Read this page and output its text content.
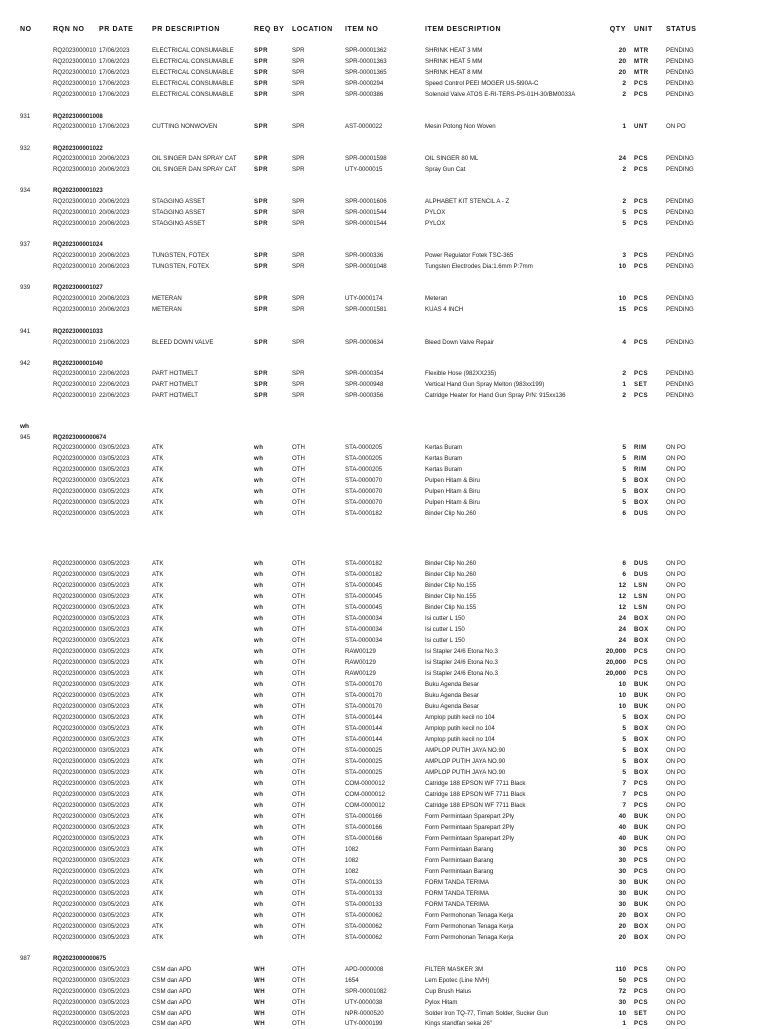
NO	RQN NO	PR DATE	PR DESCRIPTION	REQ BY	LOCATION	ITEM NO	ITEM DESCRIPTION	QTY UNIT	STATUS
wh
RQ2023000010 17/06/2023	ELECTRICAL CONSUMABLE	SPR	SPR	SPR-00001362	SHRINK HEAT 3 MM	20 MTR	PENDING
RQ2023000010 17/06/2023	ELECTRICAL CONSUMABLE	SPR	SPR	SPR-00001363	SHRINK HEAT 5 MM	20 MTR	PENDING
RQ2023000010 17/06/2023	ELECTRICAL CONSUMABLE	SPR	SPR	SPR-00001365	SHRINK HEAT 8 MM	20 MTR	PENDING
RQ2023000010 17/06/2023	ELECTRICAL CONSUMABLE	SPR	SPR	SPR-0000294	Speed Control PEEI MOGER US-5l90A-C	2 PCS	PENDING
RQ2023000010 17/06/2023	ELECTRICAL CONSUMABLE	SPR	SPR	SPR-0000386	Solenoid Valve ATOS E-RI-TERS-PS-01H-30/BM0033A	2 PCS	PENDING
931	RQ202300001008
RQ2023000010 17/06/2023	CUTTING NONWOVEN	SPR	SPR	AST-0000022	Mesin Potong Non Woven	1 UNT	ON PO
932	RQ202300001022
RQ2023000010 20/06/2023	OIL SINGER DAN SPRAY CAT	SPR	SPR	SPR-00001598	OIL SINGER 80 ML	24 PCS	PENDING
RQ2023000010 20/06/2023	OIL SINGER DAN SPRAY CAT	SPR	SPR	UTY-0000015	Spray Gun Cat	2 PCS	PENDING
934	RQ202300001023
RQ2023000010 20/06/2023	STAGGING ASSET	SPR	SPR	SPR-00001606	ALPHABET KIT STENCIL A - Z	2 PCS	PENDING
RQ2023000010 20/06/2023	STAGGING ASSET	SPR	SPR	SPR-00001544	PYLOX	5 PCS	PENDING
RQ2023000010 20/06/2023	STAGGING ASSET	SPR	SPR	SPR-00001544	PYLOX	5 PCS	PENDING
937	RQ202300001024
RQ2023000010 20/06/2023	TUNGSTEN, FOTEX	SPR	SPR	SPR-0000336	Power Regulator Fotek TSC-365	3 PCS	PENDING
RQ2023000010 20/06/2023	TUNGSTEN, FOTEX	SPR	SPR	SPR-00001048	Tungsten Electrodes Dia:1.6mm P:7mm	10 PCS	PENDING
939	RQ202300001027
RQ2023000010 20/06/2023	METERAN	SPR	SPR	UTY-0000174	Meteran	10 PCS	PENDING
RQ2023000010 20/06/2023	METERAN	SPR	SPR	SPR-00001581	KUAS 4 INCH	15 PCS	PENDING
941	RQ202300001033
RQ2023000010 21/06/2023	BLEED DOWN VALVE	SPR	SPR	SPR-0000634	Bleed Down Valve Repair	4 PCS	PENDING
942	RQ202300001040
RQ2023000010 22/06/2023	PART HOTMELT	SPR	SPR	SPR-0000354	Flexible Hose (982XX235)	2 PCS	PENDING
RQ2023000010 22/06/2023	PART HOTMELT	SPR	SPR	SPR-0000948	Vertical Hand Gun Spray Melton (983xx199)	1 SET	PENDING
RQ2023000010 22/06/2023	PART HOTMELT	SPR	SPR	SPR-0000356	Catridge Heater for Hand Gun Spray P/N: 915xx136	2 PCS	PENDING
945	RQ2023000000674
RQ2023000000 03/05/2023	ATK	wh	OTH	STA-0000205	Kertas Buram	5 RIM	ON PO
RQ2023000000 03/05/2023	ATK	wh	OTH	STA-0000205	Kertas Buram	5 RIM	ON PO
RQ2023000000 03/05/2023	ATK	wh	OTH	STA-0000205	Kertas Buram	5 RIM	ON PO
RQ2023000000 03/05/2023	ATK	wh	OTH	STA-0000070	Pulpen Hitam & Biru	5 BOX	ON PO
RQ2023000000 03/05/2023	ATK	wh	OTH	STA-0000070	Pulpen Hitam & Biru	5 BOX	ON PO
RQ2023000000 03/05/2023	ATK	wh	OTH	STA-0000070	Pulpen Hitam & Biru	5 BOX	ON PO
RQ2023000000 03/05/2023	ATK	wh	OTH	STA-0000182	Binder Clip No.260	6 DUS	ON PO
RQ2023000000 03/05/2023	ATK	wh	OTH	STA-0000182	Binder Clip No.260	6 DUS	ON PO
RQ2023000000 03/05/2023	ATK	wh	OTH	STA-0000182	Binder Clip No.260	6 DUS	ON PO
RQ2023000000 03/05/2023	ATK	wh	OTH	STA-0000045	Binder Clip No.155	12 LSN	ON PO
RQ2023000000 03/05/2023	ATK	wh	OTH	STA-0000045	Binder Clip No.155	12 LSN	ON PO
RQ2023000000 03/05/2023	ATK	wh	OTH	STA-0000045	Binder Clip No.155	12 LSN	ON PO
RQ2023000000 03/05/2023	ATK	wh	OTH	STA-0000034	Isi cutter L 150	24 BOX	ON PO
RQ2023000000 03/05/2023	ATK	wh	OTH	STA-0000034	Isi cutter L 150	24 BOX	ON PO
RQ2023000000 03/05/2023	ATK	wh	OTH	STA-0000034	Isi cutter L 150	24 BOX	ON PO
RQ2023000000 03/05/2023	ATK	wh	OTH	RAW00129	Isi Stapler 24/6 Etona No.3	20,000 PCS	ON PO
RQ2023000000 03/05/2023	ATK	wh	OTH	RAW00129	Isi Stapler 24/6 Etona No.3	20,000 PCS	ON PO
RQ2023000000 03/05/2023	ATK	wh	OTH	RAW00129	Isi Stapler 24/6 Etona No.3	20,000 PCS	ON PO
RQ2023000000 03/05/2023	ATK	wh	OTH	STA-0000170	Buku Agenda Besar	10 BUK	ON PO
RQ2023000000 03/05/2023	ATK	wh	OTH	STA-0000170	Buku Agenda Besar	10 BUK	ON PO
RQ2023000000 03/05/2023	ATK	wh	OTH	STA-0000170	Buku Agenda Besar	10 BUK	ON PO
RQ2023000000 03/05/2023	ATK	wh	OTH	STA-0000144	Amplop putih kecil no 104	5 BOX	ON PO
RQ2023000000 03/05/2023	ATK	wh	OTH	STA-0000144	Amplop putih kecil no 104	5 BOX	ON PO
RQ2023000000 03/05/2023	ATK	wh	OTH	STA-0000144	Amplop putih kecil no 104	5 BOX	ON PO
RQ2023000000 03/05/2023	ATK	wh	OTH	STA-0000025	AMPLOP PUTIH JAYA NO.90	5 BOX	ON PO
RQ2023000000 03/05/2023	ATK	wh	OTH	STA-0000025	AMPLOP PUTIH JAYA NO.90	5 BOX	ON PO
RQ2023000000 03/05/2023	ATK	wh	OTH	STA-0000025	AMPLOP PUTIH JAYA NO.90	5 BOX	ON PO
RQ2023000000 03/05/2023	ATK	wh	OTH	COM-0000012	Catridge 188 EPSON WF 7711 Black	7 PCS	ON PO
RQ2023000000 03/05/2023	ATK	wh	OTH	COM-0000012	Catridge 188 EPSON WF 7711 Black	7 PCS	ON PO
RQ2023000000 03/05/2023	ATK	wh	OTH	COM-0000012	Catridge 188 EPSON WF 7711 Black	7 PCS	ON PO
RQ2023000000 03/05/2023	ATK	wh	OTH	STA-0000166	Form Permintaan Sparepart 2Ply	40 BUK	ON PO
RQ2023000000 03/05/2023	ATK	wh	OTH	STA-0000166	Form Permintaan Sparepart 2Ply	40 BUK	ON PO
RQ2023000000 03/05/2023	ATK	wh	OTH	STA-0000166	Form Permintaan Sparepart 2Ply	40 BUK	ON PO
RQ2023000000 03/05/2023	ATK	wh	OTH	1082	Form Permintaan Barang	30 PCS	ON PO
RQ2023000000 03/05/2023	ATK	wh	OTH	1082	Form Permintaan Barang	30 PCS	ON PO
RQ2023000000 03/05/2023	ATK	wh	OTH	1082	Form Permintaan Barang	30 PCS	ON PO
RQ2023000000 03/05/2023	ATK	wh	OTH	STA-0000133	FORM TANDA TERIMA	30 BUK	ON PO
RQ2023000000 03/05/2023	ATK	wh	OTH	STA-0000133	FORM TANDA TERIMA	30 BUK	ON PO
RQ2023000000 03/05/2023	ATK	wh	OTH	STA-0000133	FORM TANDA TERIMA	30 BUK	ON PO
RQ2023000000 03/05/2023	ATK	wh	OTH	STA-0000062	Form Permohonan Tenaga Kerja	20 BOX	ON PO
RQ2023000000 03/05/2023	ATK	wh	OTH	STA-0000062	Form Permohonan Tenaga Kerja	20 BOX	ON PO
RQ2023000000 03/05/2023	ATK	wh	OTH	STA-0000062	Form Permohonan Tenaga Kerja	20 BOX	ON PO
987	RQ2023000000675
RQ2023000000 03/05/2023	CSM dan APD	WH	OTH	APD-0000008	FILTER MASKER 3M	110 PCS	ON PO
RQ2023000000 03/05/2023	CSM dan APD	WH	OTH	1654	Lem Epotec (Line NVH)	50 PCS	ON PO
RQ2023000000 03/05/2023	CSM dan APD	WH	OTH	SPR-00001082	Cup Brush Halus	72 PCS	ON PO
RQ2023000000 03/05/2023	CSM dan APD	WH	OTH	UTY-0000038	Pylox Hitam	30 PCS	ON PO
RQ2023000000 03/05/2023	CSM dan APD	WH	OTH	NPR-0000520	Solder Iron TQ-77, Timah Solder, Sucker Gun	10 SET	ON PO
RQ2023000000 03/05/2023	CSM dan APD	WH	OTH	UTY-0000199	Kings standfan sekai 26"	1 PCS	ON PO
